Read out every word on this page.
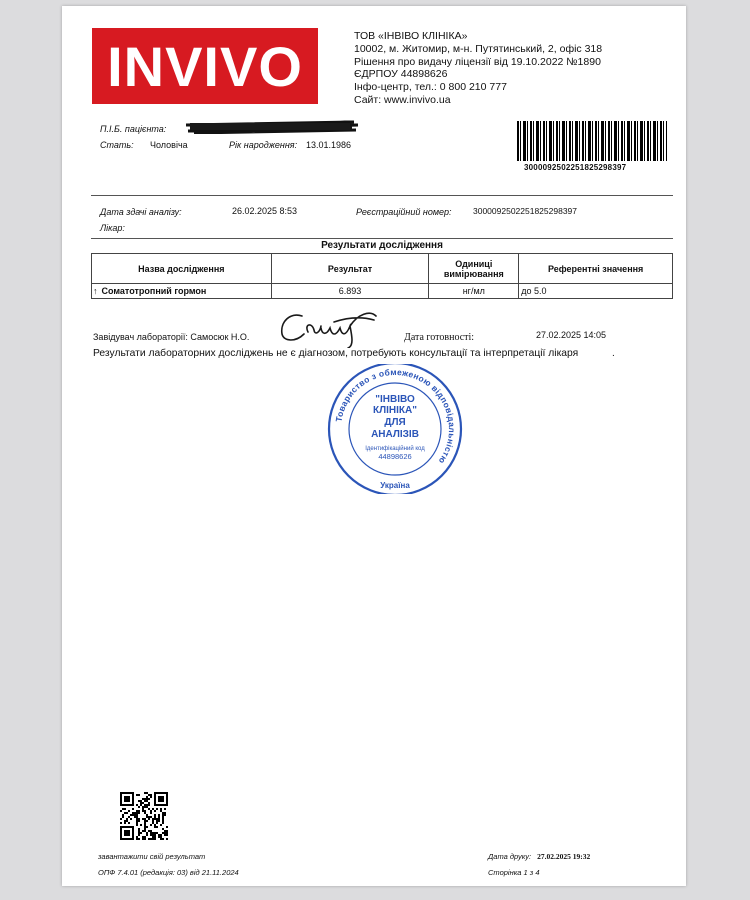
INVIVO	ТОВ «ІНВІВО КЛІНІКА»
10002, м. Житомир, м-н. Путятинський, 2, офіс 318
Рішення про видачу ліцензії від 19.10.2022 №1890
ЄДРПОУ 44898626
Інфо-центр, тел.: 0 800 210 777
Сайт: www.invivo.ua
П.І.Б. пацієнта:
Стать: Чоловіча	Рік народження: 13.01.1986
3000092502251825298397
Дата здачі аналізу:	26.02.2025 8:53	Реєстраційний номер:	3000092502251825298397
Лікар:
Результати дослідження
Назва дослідження	Результат	Одиниці вимірювання	Референтні значення
↑ Соматотропний гормон	6.893	нг/мл	до 5.0
Завідувач лабораторії: Самосюк Н.О.	Дата готовності:	27.02.2025 14:05
Результати лабораторних досліджень не є діагнозом, потребують консультації та інтерпретації лікаря	.
Товариство з обмеженою відповідальністю
"ІНВІВО
КЛІНІКА"
ДЛЯ
АНАЛІЗІВ
Ідентифікаційний код
44898626
Україна
завантажити свій результат
ОПФ 7.4.01 (редакція: 03) від 21.11.2024
Дата друку: 27.02.2025 19:32
Сторінка 1 з 4
